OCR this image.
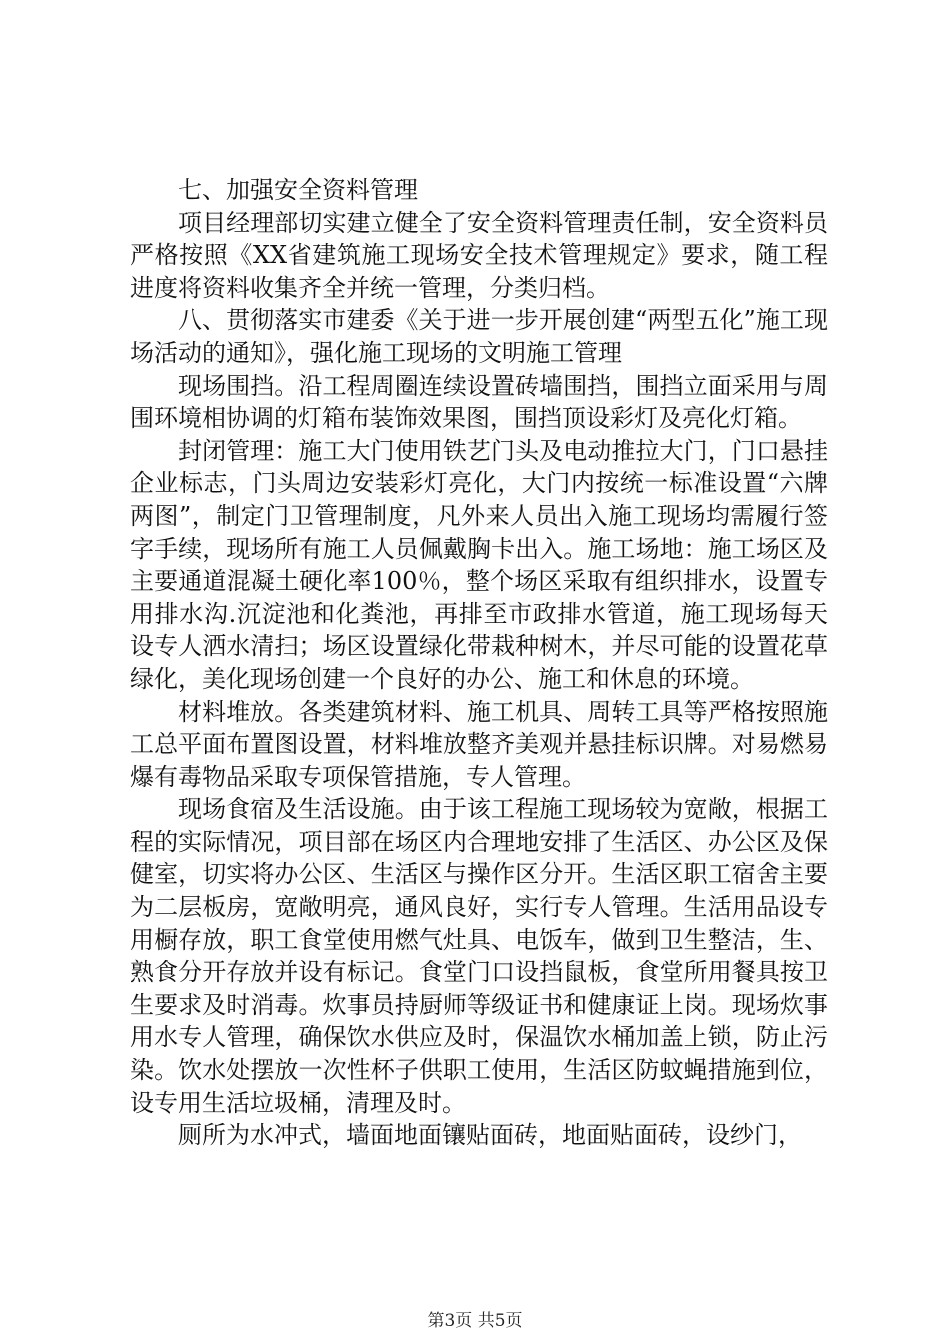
七、加强安全资料管理

项目经理部切实建立健全了安全资料管理责任制，安全资料员严格按照《XX省建筑施工现场安全技术管理规定》要求，随工程进度将资料收集齐全并统一管理，分类归档。

八、贯彻落实市建委《关于进一步开展创建“两型五化”施工现场活动的通知》，强化施工现场的文明施工管理

现场围挡。沿工程周圈连续设置砖墙围挡，围挡立面采用与周围环境相协调的灯箱布装饰效果图，围挡顶设彩灯及亮化灯箱。

封闭管理：施工大门使用铁艺门头及电动推拉大门，门口悬挂企业标志，门头周边安装彩灯亮化，大门内按统一标准设置“六牌两图”，制定门卫管理制度，凡外来人员出入施工现场均需履行签字手续，现场所有施工人员佩戴胸卡出入。施工场地：施工场区及主要通道混凝土硬化率100％，整个场区采取有组织排水，设置专用排水沟.沉淀池和化粪池，再排至市政排水管道，施工现场每天设专人洒水清扫；场区设置绿化带栽种树木，并尽可能的设置花草绿化，美化现场创建一个良好的办公、施工和休息的环境。

材料堆放。各类建筑材料、施工机具、周转工具等严格按照施工总平面布置图设置，材料堆放整齐美观并悬挂标识牌。对易燃易爆有毒物品采取专项保管措施，专人管理。

现场食宿及生活设施。由于该工程施工现场较为宽敞，根据工程的实际情况，项目部在场区内合理地安排了生活区、办公区及保健室，切实将办公区、生活区与操作区分开。生活区职工宿舍主要为二层板房，宽敞明亮，通风良好，实行专人管理。生活用品设专用橱存放，职工食堂使用燃气灶具、电饭车，做到卫生整洁，生、熟食分开存放并设有标记。食堂门口设挡鼠板，食堂所用餐具按卫生要求及时消毒。炊事员持厨师等级证书和健康证上岗。现场炊事用水专人管理，确保饮水供应及时，保温饮水桶加盖上锁，防止污染。饮水处摆放一次性杯子供职工使用，生活区防蚊蝇措施到位，设专用生活垃圾桶，清理及时。

厕所为水冲式，墙面地面镶贴面砖，地面贴面砖，设纱门，

第3页 共5页
